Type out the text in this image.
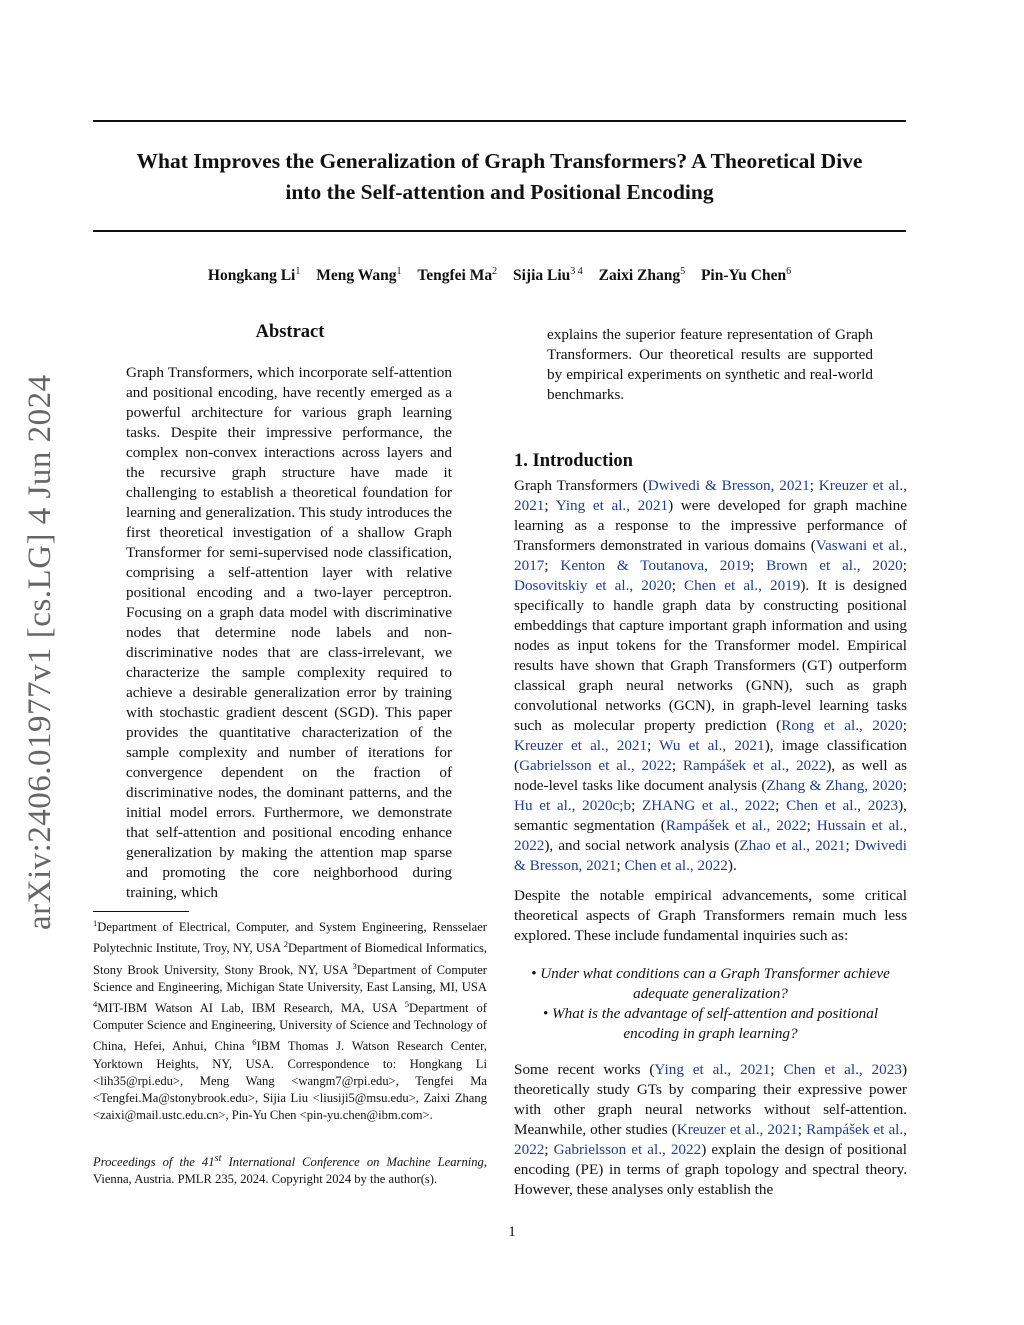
arXiv:2406.01977v1 [cs.LG] 4 Jun 2024
What Improves the Generalization of Graph Transformers? A Theoretical Dive
into the Self-attention and Positional Encoding
Hongkang Li$^1$ Meng Wang$^1$ Tengfei Ma$^2$ Sijia Liu$^{3 4}$ Zaixi Zhang$^5$ Pin-Yu Chen$^6$
Abstract
Graph Transformers, which incorporate self-attention and positional encoding, have recently emerged as a powerful architecture for various graph learning tasks. Despite their impressive performance, the complex non-convex interactions across layers and the recursive graph structure have made it challenging to establish a theoretical foundation for learning and generalization. This study introduces the first theoretical investigation of a shallow Graph Transformer for semi-supervised node classification, comprising a self-attention layer with relative positional encoding and a two-layer perceptron. Focusing on a graph data model with discriminative nodes that determine node labels and non-discriminative nodes that are class-irrelevant, we characterize the sample complexity required to achieve a desirable generalization error by training with stochastic gradient descent (SGD). This paper provides the quantitative characterization of the sample complexity and number of iterations for convergence dependent on the fraction of discriminative nodes, the dominant patterns, and the initial model errors. Furthermore, we demonstrate that self-attention and positional encoding enhance generalization by making the attention map sparse and promoting the core neighborhood during training, which
explains the superior feature representation of Graph Transformers. Our theoretical results are supported by empirical experiments on synthetic and real-world benchmarks.
$^1$Department of Electrical, Computer, and System Engineering, Rensselaer Polytechnic Institute, Troy, NY, USA $^2$Department of Biomedical Informatics, Stony Brook University, Stony Brook, NY, USA $^3$Department of Computer Science and Engineering, Michigan State University, East Lansing, MI, USA $^4$MIT-IBM Watson AI Lab, IBM Research, MA, USA $^5$Department of Computer Science and Engineering, University of Science and Technology of China, Hefei, Anhui, China $^6$IBM Thomas J. Watson Research Center, Yorktown Heights, NY, USA. Correspondence to: Hongkang Li <lih35@rpi.edu>, Meng Wang <wangm7@rpi.edu>, Tengfei Ma <Tengfei.Ma@stonybrook.edu>, Sijia Liu <liusiji5@msu.edu>, Zaixi Zhang <zaixi@mail.ustc.edu.cn>, Pin-Yu Chen <pin-yu.chen@ibm.com>.
Proceedings of the 41st International Conference on Machine Learning, Vienna, Austria. PMLR 235, 2024. Copyright 2024 by the author(s).
1. Introduction
Graph Transformers (Dwivedi & Bresson, 2021; Kreuzer et al., 2021; Ying et al., 2021) were developed for graph machine learning as a response to the impressive performance of Transformers demonstrated in various domains (Vaswani et al., 2017; Kenton & Toutanova, 2019; Brown et al., 2020; Dosovitskiy et al., 2020; Chen et al., 2019). It is designed specifically to handle graph data by constructing positional embeddings that capture important graph information and using nodes as input tokens for the Transformer model. Empirical results have shown that Graph Transformers (GT) outperform classical graph neural networks (GNN), such as graph convolutional networks (GCN), in graph-level learning tasks such as molecular property prediction (Rong et al., 2020; Kreuzer et al., 2021; Wu et al., 2021), image classification (Gabrielsson et al., 2022; Rampášek et al., 2022), as well as node-level tasks like document analysis (Zhang & Zhang, 2020; Hu et al., 2020c;b; ZHANG et al., 2022; Chen et al., 2023), semantic segmentation (Rampášek et al., 2022; Hussain et al., 2022), and social network analysis (Zhao et al., 2021; Dwivedi & Bresson, 2021; Chen et al., 2022).
Despite the notable empirical advancements, some critical theoretical aspects of Graph Transformers remain much less explored. These include fundamental inquiries such as:
• Under what conditions can a Graph Transformer achieve adequate generalization?
• What is the advantage of self-attention and positional encoding in graph learning?
Some recent works (Ying et al., 2021; Chen et al., 2023) theoretically study GTs by comparing their expressive power with other graph neural networks without self-attention. Meanwhile, other studies (Kreuzer et al., 2021; Rampášek et al., 2022; Gabrielsson et al., 2022) explain the design of positional encoding (PE) in terms of graph topology and spectral theory. However, these analyses only establish the
1
